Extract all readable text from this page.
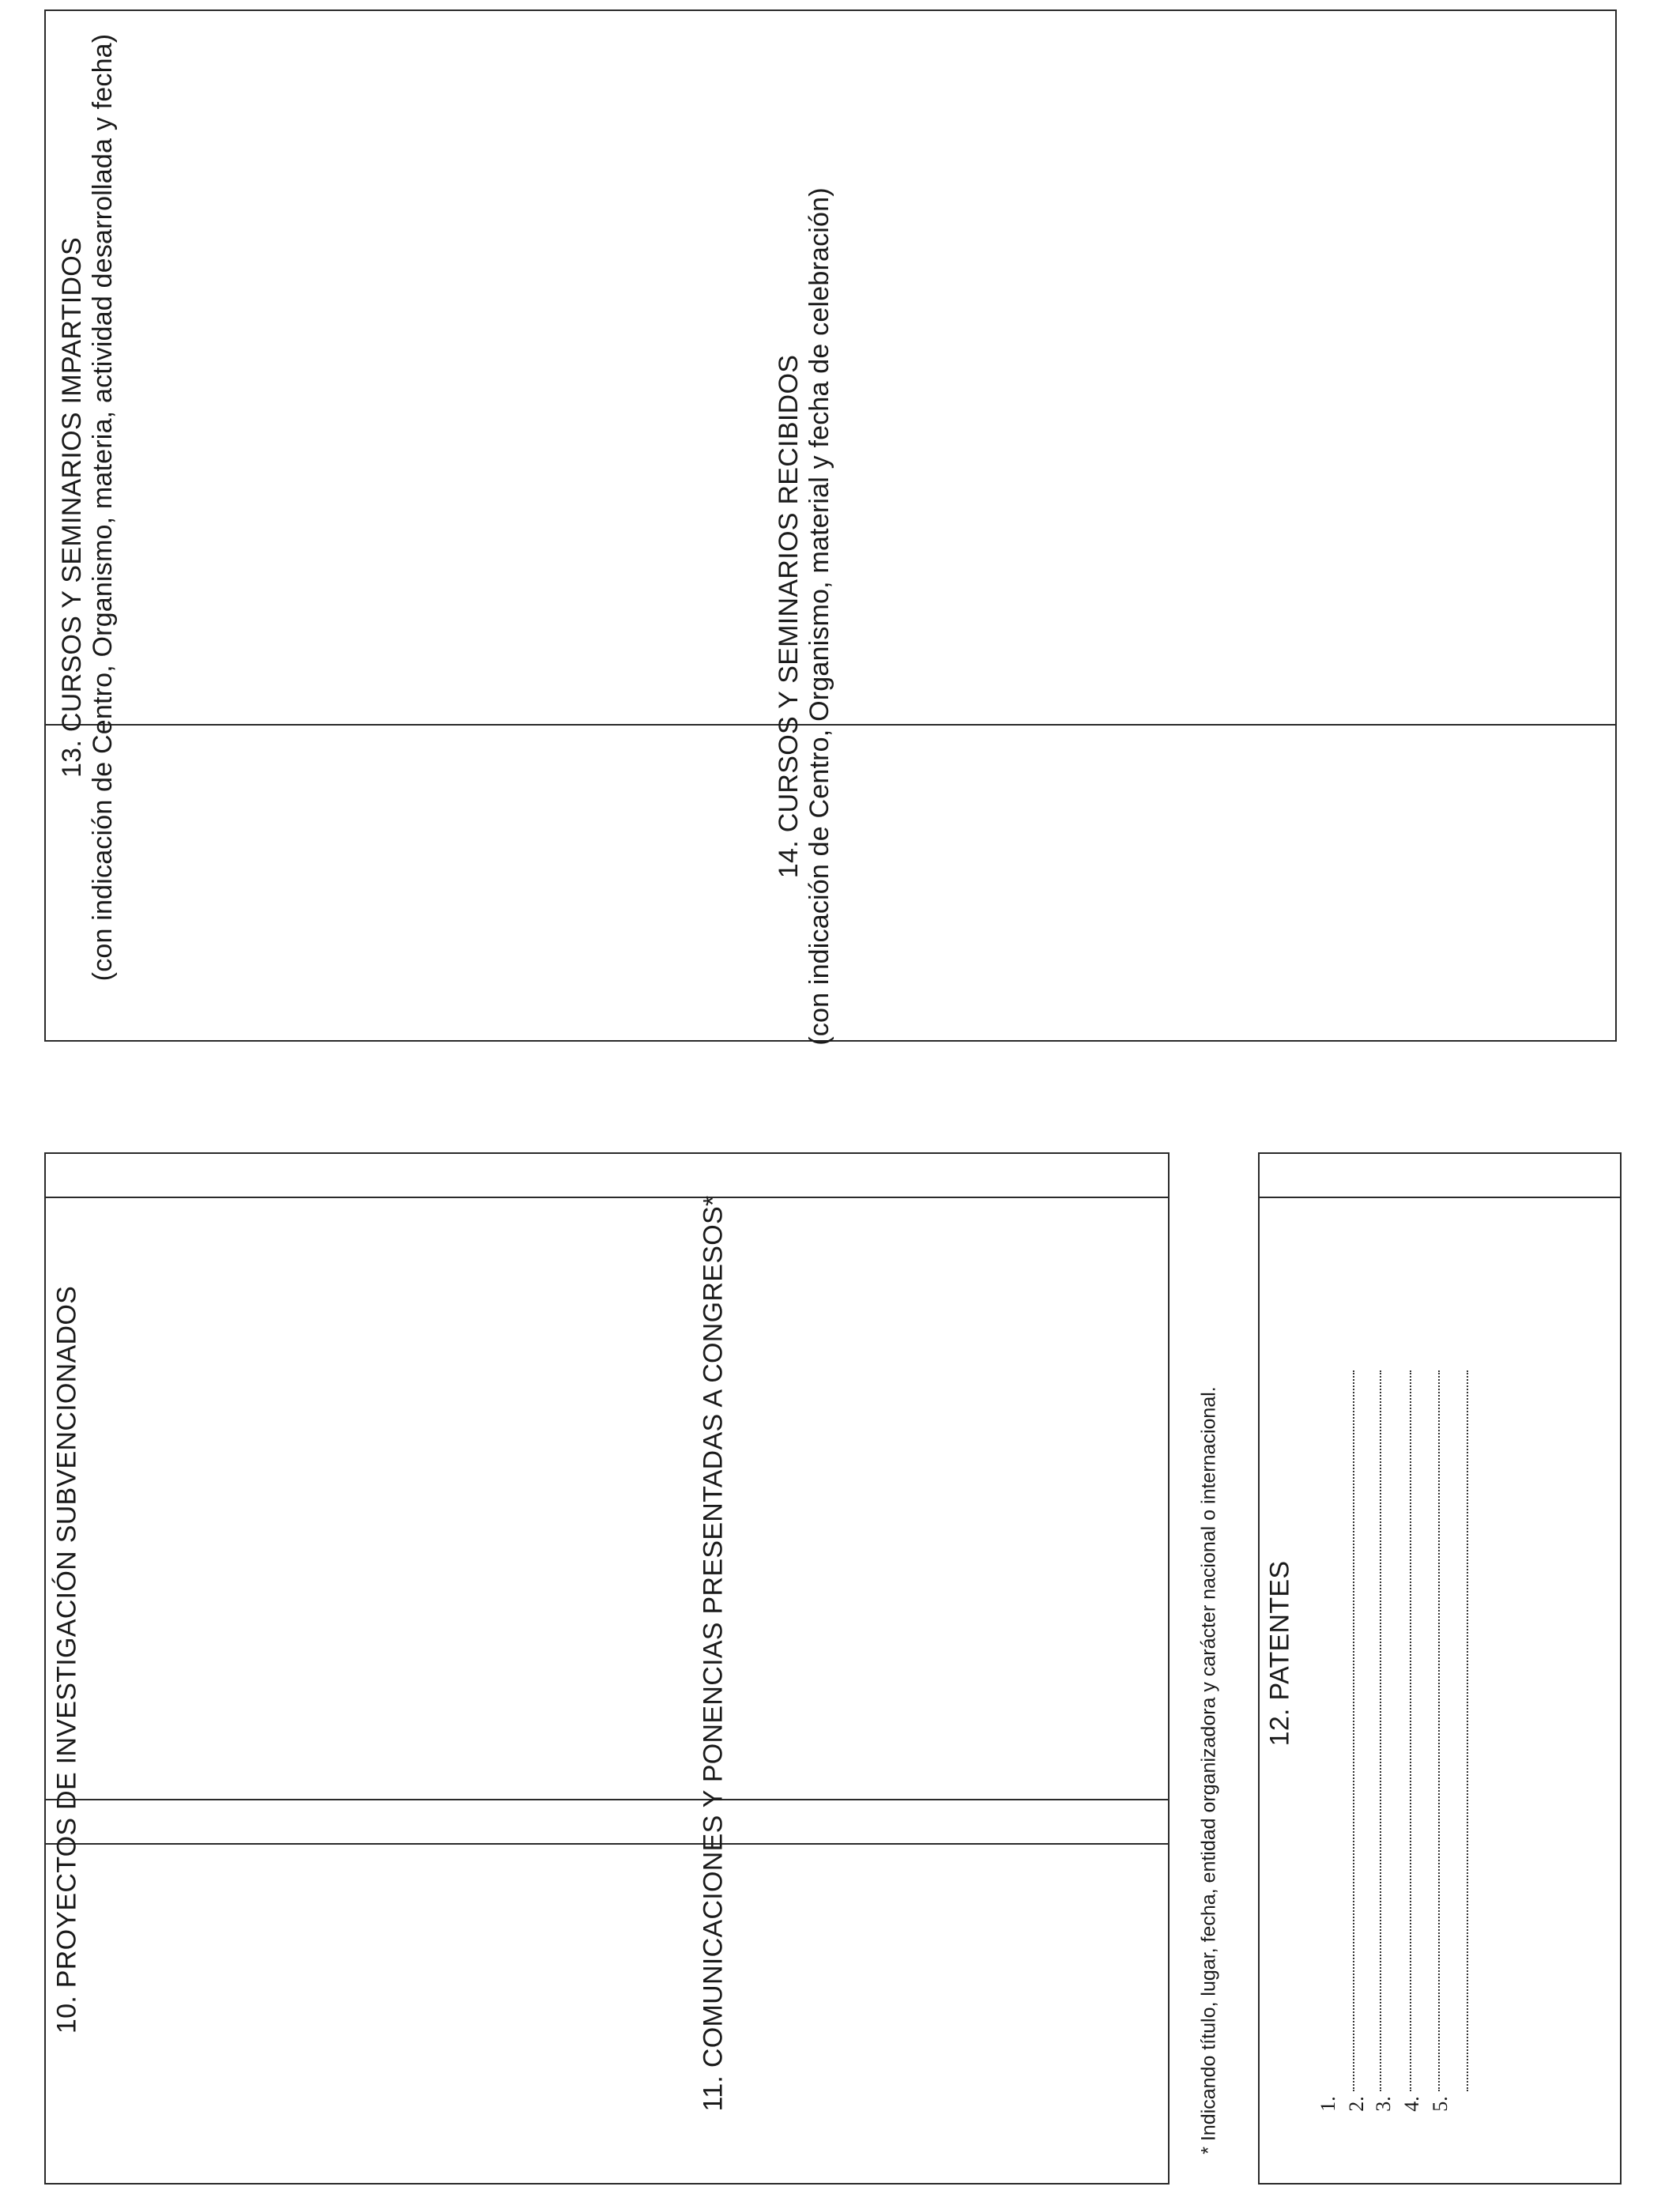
13. CURSOS Y SEMINARIOS IMPARTIDOS (con indicación de Centro, Organismo, materia, actividad desarrollada y fecha)	14. CURSOS Y SEMINARIOS RECIBIDOS (con indicación de Centro, Organismo, material y fecha de celebración)
10. PROYECTOS DE INVESTIGACIÓN SUBVENCIONADOS	11. COMUNICACIONES Y PONENCIAS PRESENTADAS A CONGRESOS*	* Indicando título, lugar, fecha, entidad organizadora y carácter nacional o internacional. 12. PATENTES
1. 2. 3. 4. 5.
